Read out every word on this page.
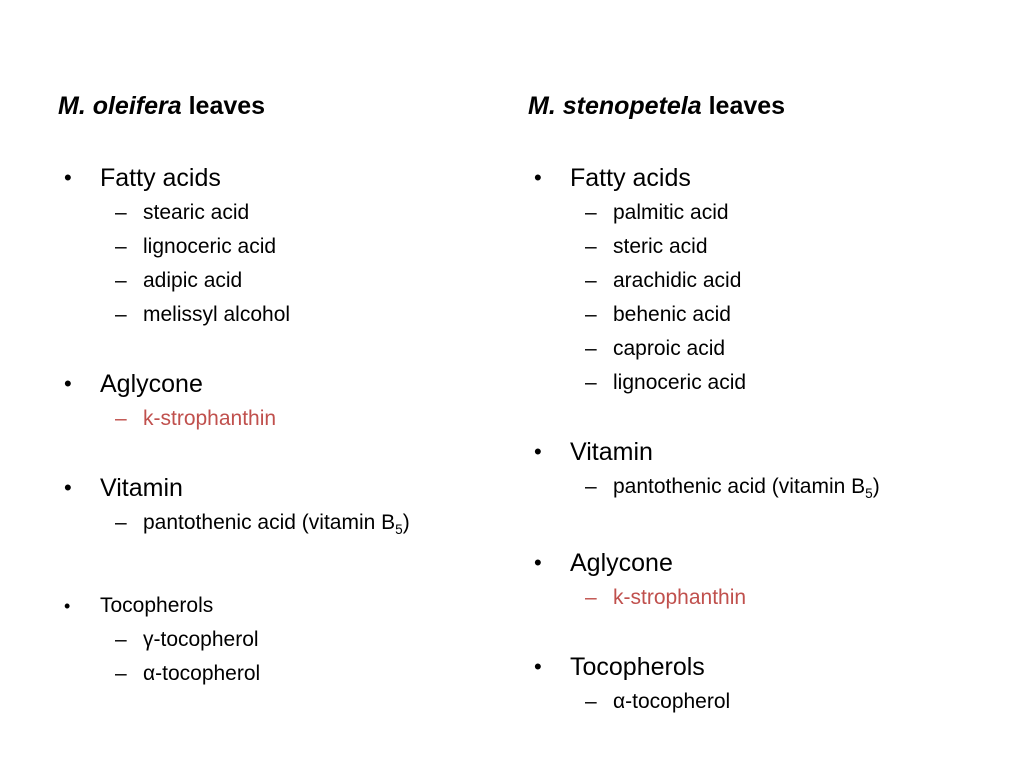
M. oleifera leaves
•	Fatty acids
– stearic acid
– lignoceric acid
– adipic acid
– melissyl alcohol
•	Aglycone
– k-strophanthin
•	Vitamin
– pantothenic acid (vitamin $B_5$)
•	Tocopherols
– γ-tocopherol
– α-tocopherol
M. stenopetela leaves
•	Fatty acids
– palmitic acid
– steric acid
– arachidic acid
– behenic acid
– caproic acid
– lignoceric acid
•	Vitamin
– pantothenic acid (vitamin $B_5$)
•	Aglycone
– k-strophanthin
•	Tocopherols
– α-tocopherol
